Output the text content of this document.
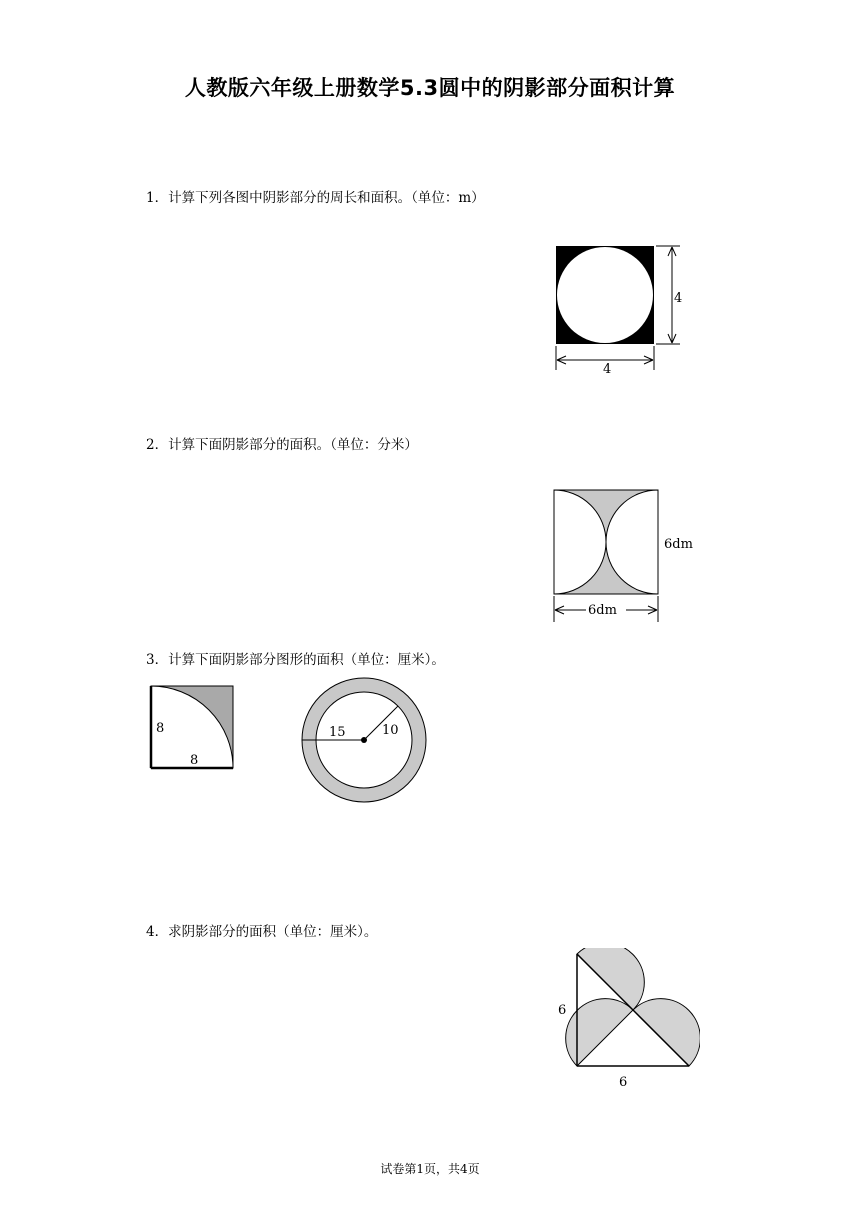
人教版六年级上册数学5.3圆中的阴影部分面积计算
1．计算下列各图中阴影部分的周长和面积。（单位：m）
4
4
2．计算下面阴影部分的面积。（单位：分米）
6dm
6dm
3．计算下面阴影部分图形的面积（单位：厘米）。
8
8
15	10
4．求阴影部分的面积（单位：厘米）。
6
6
试卷第1页，共4页
